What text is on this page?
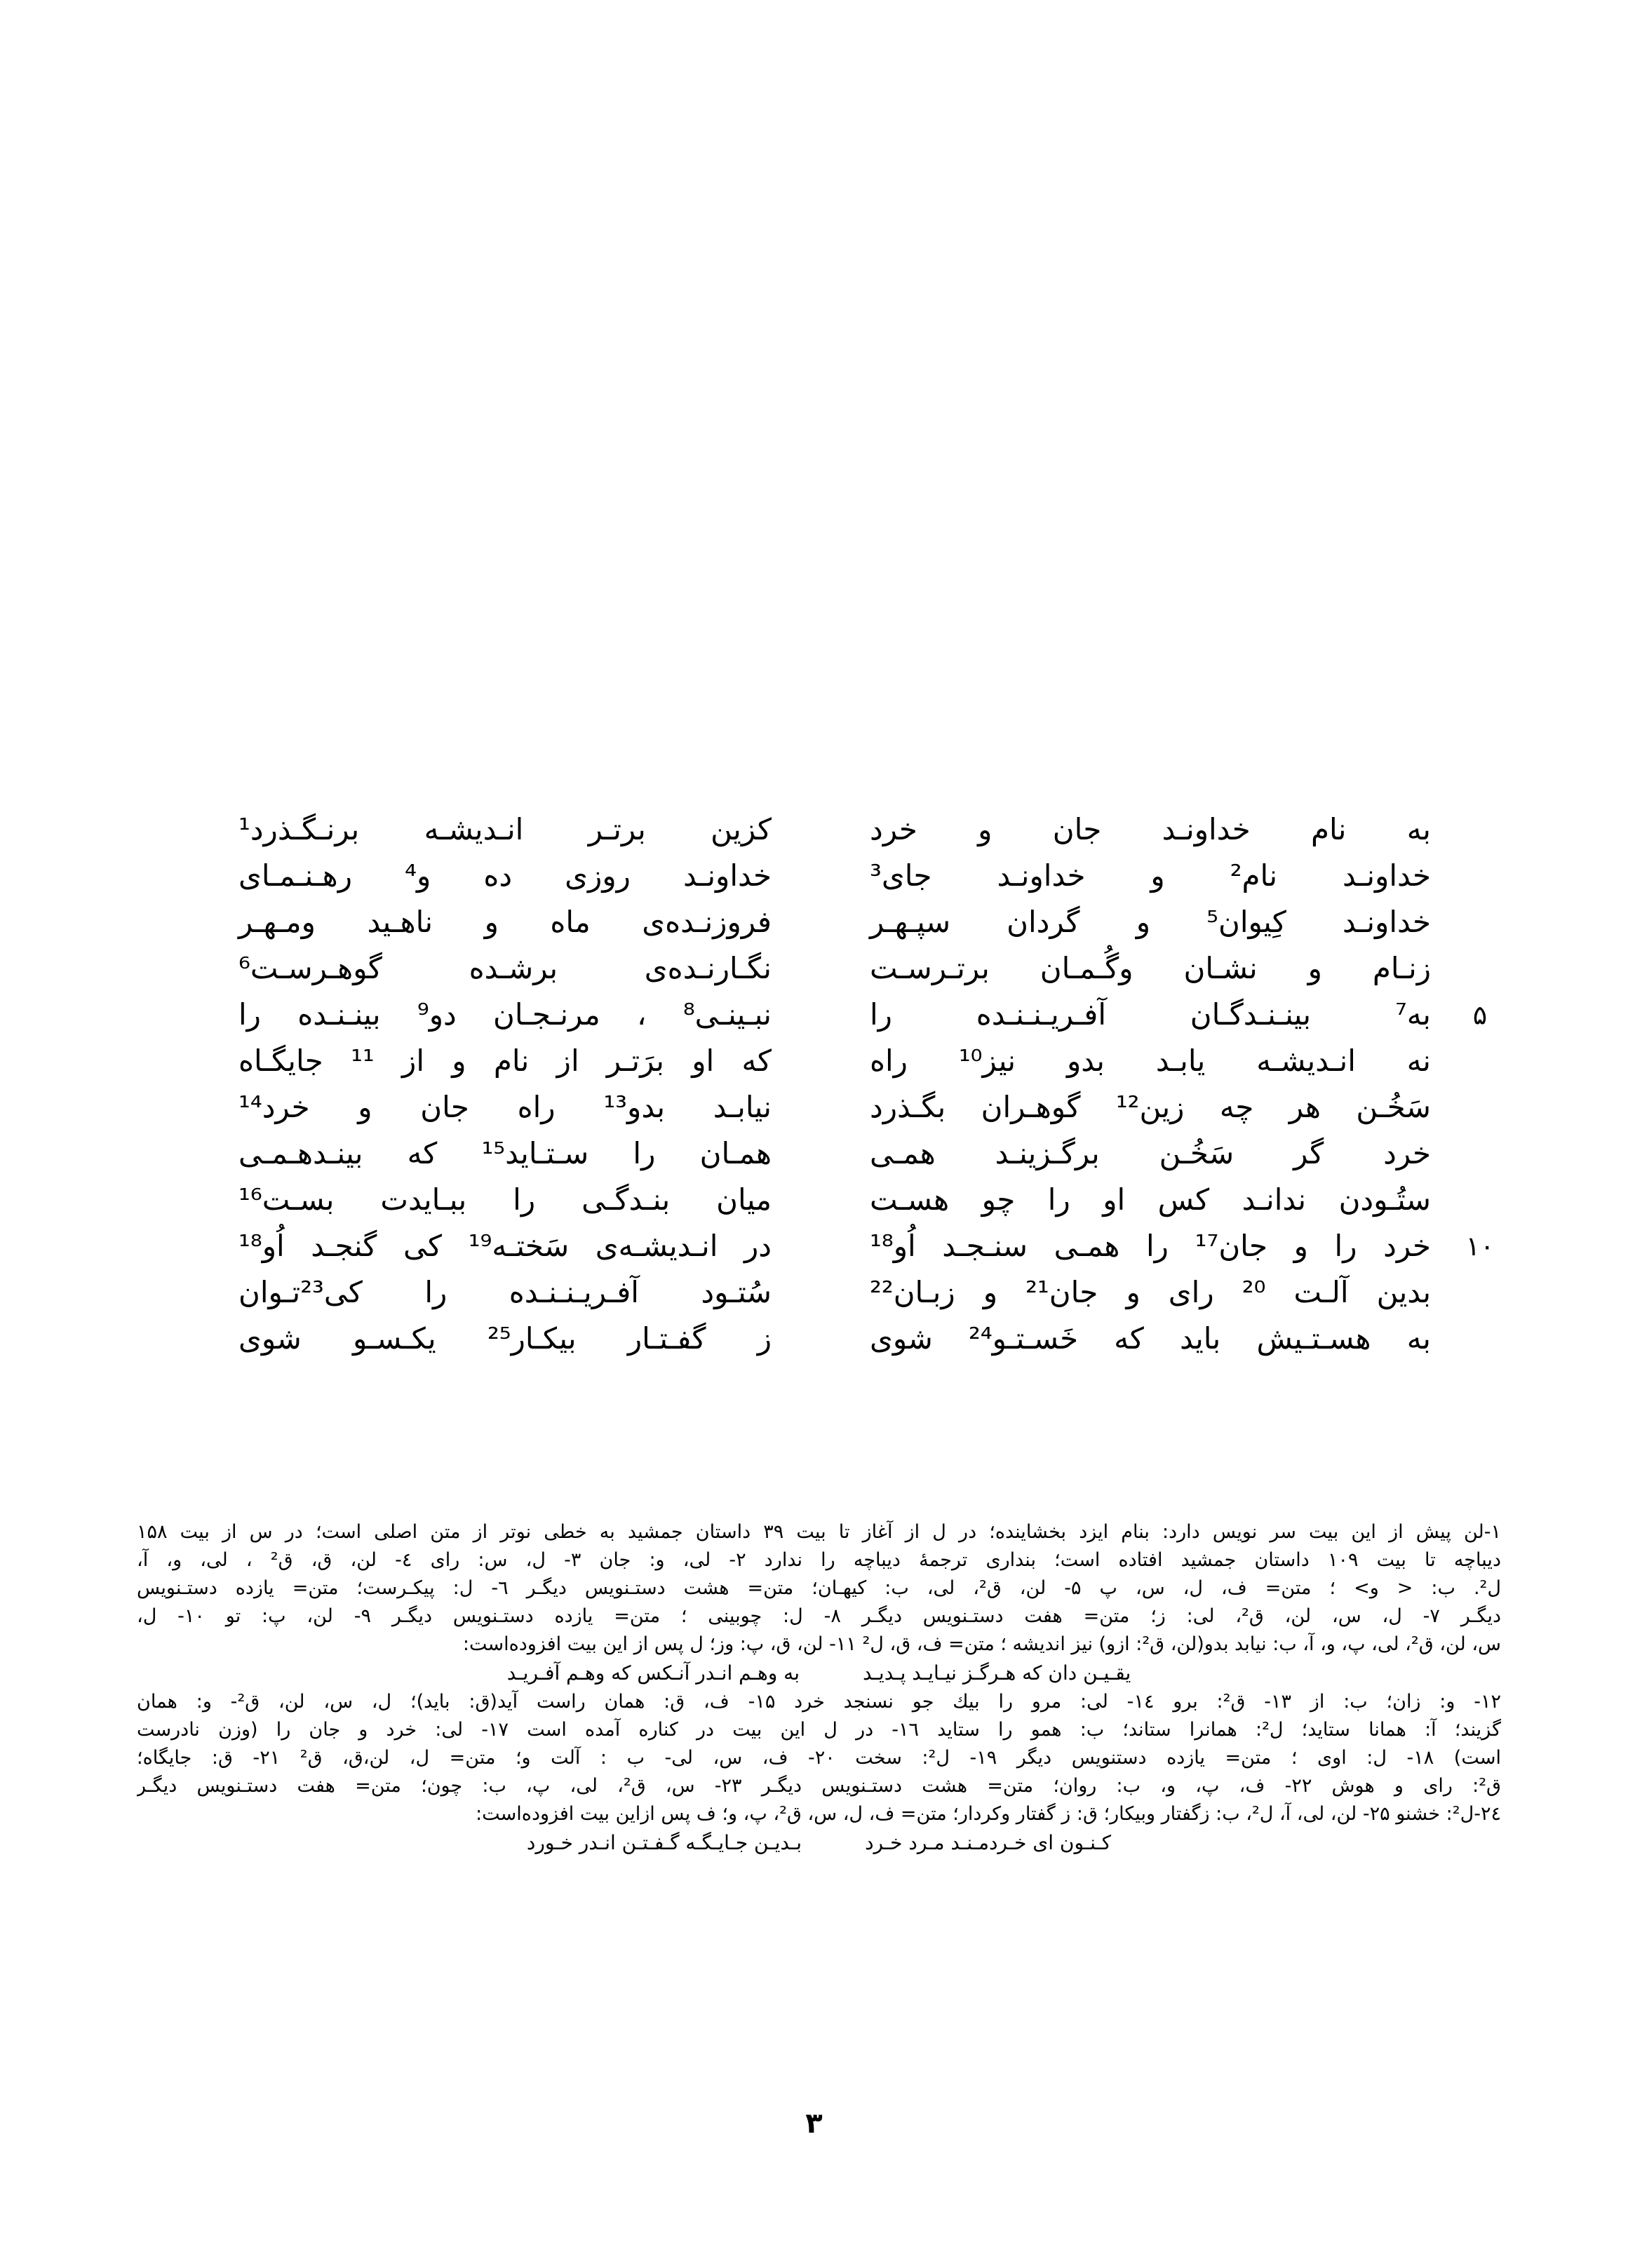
به نام خداونـد جان و خرد
خداونـد نام² و خداونـد جای³
خداونـد کِیوان⁵ و گردان سپـهـر
زنـام و نشـان وگُـمـان برتـرسـت
۵
به⁷ بینـنـدگـان آفـریـنـنـده را
نه انـدیشـه یابـد بدو نیز¹⁰ راه
سَخُـن هر چه زین¹² گوهـران بگـذرد
خرد گر سَخُـن برگـزینـد همـی
ستُـودن ندانـد کس او را چو هسـت
۱۰
خرد را و جان¹⁷ را همـی سنـجـد اُو¹⁸
بدین آلـت ²⁰ رای و جان²¹ و زبـان²²
به هسـتـیش باید که خَسـتـو²⁴ شوی
کزین برتـر انـدیشـه برنـگـذرد¹
خداونـد روزی ده و⁴ رهـنـمـای
فروزنـده‌ی ماه و ناهـید ومـهـر
نگـارنـده‌ی برشـده گوهـرسـت⁶
نبـینـی⁸ ، مرنـجـان دو⁹ بینـنـده را
که او برَتـر از نام و از ¹¹ جایگـاه
نیابـد بدو¹³ راه جان و خرد¹⁴
همـان را سـتـاید¹⁵ که بینـدهـمـی
میان بنـدگـی را ببـایدت بسـت¹⁶
در انـدیشـه‌ی سَختـه¹⁹ کی گنجـد اُو¹⁸
سُتـود آفـریـنـنـده را کی²³تـوان
ز گفـتـار بیکـار²⁵ یکـسـو شوی
۱-لن پیش از این بیت سر نویس دارد: بنام ایزد بخشاینده؛ در ل از آغاز تا بیت ۳۹ داستان جمشید به خطی نوتر از متن اصلی است؛ در س از بیت ۱۵۸
دیباچه تا بیت ۱۰۹ داستان جمشید افتاده است؛ بنداری ترجمهٔ دیباچه را ندارد ۲- لی، و: جان ۳- ل، س: رای ٤- لن، ق، ق² ، لی، و، آ،
ل². ب: < و> ؛ متن= ف، ل، س، پ ۵- لن، ق²، لی، ب: کیهـان؛ متن= هشت دستـنویس دیگـر ٦- ل: پیکـرست؛ متن= یازده دستـنویس
دیگـر ۷- ل، س، لن، ق²، لی: ز؛ متن= هفت دستـنویس دیگـر ۸- ل: چوبینی ؛ متن= یازده دستـنویس دیگـر ۹- لن، پ: تو ۱۰- ل،
س، لن، ق²، لی، پ، و، آ، ب: نیابد بدو(لن، ق²: ازو) نیز اندیشه ؛ متن= ف، ق، ل² ۱۱- لن، ق، پ: وز؛ ل پس از این بیت افزوده‌است:
یقـیـن دان که هـرگـز نیـایـد پـدیـد
به وهـم انـدر آنـکس که وهـم آفـریـد
۱۲- و: زان؛ ب: از ۱۳- ق²: برو ١٤- لی: مرو را بیك جو نسنجد خرد ۱۵- ف، ق: همان راست آید(ق: باید)؛ ل، س، لن، ق²- و: همان
گزیند؛ آ: همانا ستاید؛ ل²: همانرا ستاند؛ ب: همو را ستاید ١٦- در ل این بیت در کناره آمده است ۱۷- لی: خرد و جان را (وزن نادرست
است) ۱۸- ل: اوی ؛ متن= یازده دستنویس دیگر ۱۹- ل²: سخت ۲۰- ف، س، لی- ب : آلت و؛ متن= ل، لن،ق، ق² ۲۱- ق: جایگاه؛
ق²: رای و هوش ۲۲- ف، پ، و، ب: روان؛ متن= هشت دستـنویس دیگـر ۲۳- س، ق²، لی، پ، ب: چون؛ متن= هفت دستـنویس دیگـر
۲٤-ل²: خشنو ۲۵- لن، لی، آ، ل²، ب: زگفتار وبیکار؛ ق: ز گفتار وکردار؛ متن= ف، ل، س، ق²، پ، و؛ ف پس ازاین بیت افزوده‌است:
کـنـون ای خـردمـنـد مـرد خـرد
بـدیـن جـایـگـه گـفـتـن انـدر خـورد
۳
